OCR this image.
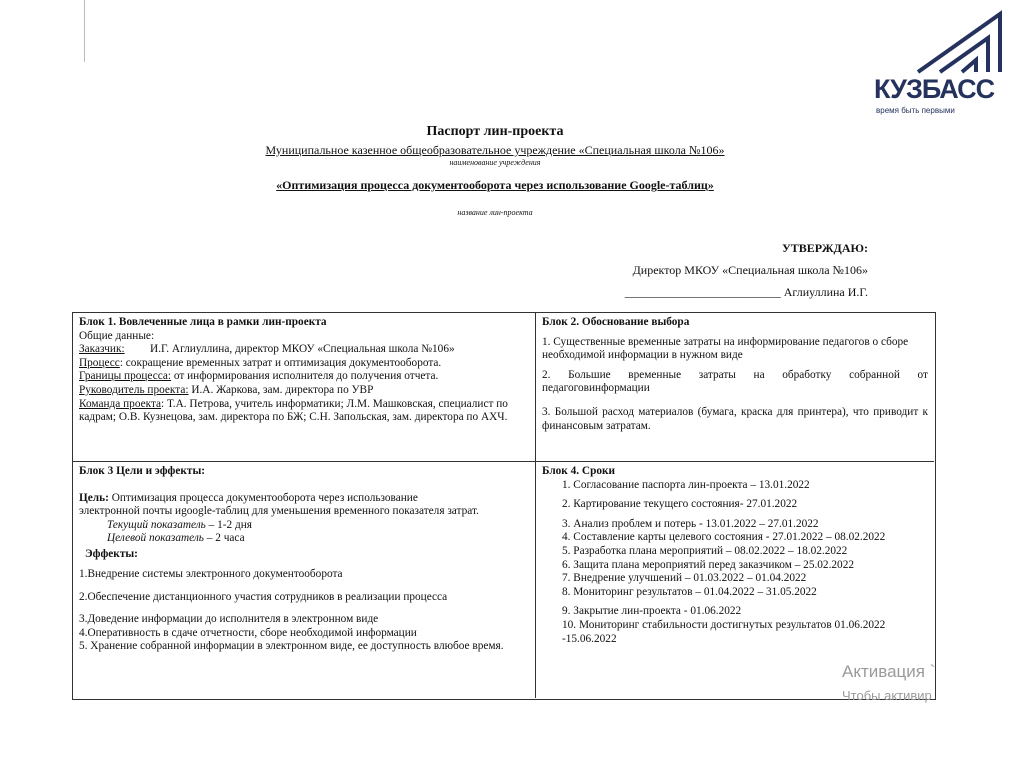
КУЗБАСС
время быть первыми
Паспорт лин-проекта
Муниципальное казенное общеобразовательное учреждение «Специальная школа №106»
наименование учреждения
«Оптимизация процесса документооборота через использование Google-таблиц»
название лин-проекта
УТВЕРЖДАЮ:
Директор МКОУ «Специальная школа №106»
__________________________ Аглиуллина И.Г.

Блок 1. Вовлеченные лица в рамки лин-проекта

Общие данные:

Заказчик: И.Г. Аглиуллина, директор МКОУ «Специальная школа №106»

Процесс: сокращение временных затрат и оптимизация документооборота.

Границы процесса: от информирования исполнителя до получения отчета.

Руководитель проекта: И.А. Жаркова, зам. директора по УВР

Команда проекта: Т.А. Петрова, учитель информатики; Л.М. Машковская, специалист по кадрам; О.В. Кузнецова, зам. директора по БЖ; С.Н. Запольская, зам. директора по АХЧ.

Блок 2. Обоснование выбора

1. Существенные временные затраты на информирование педагогов о сборе необходимой информации в нужном виде

2. Большие временные затраты на обработку собранной от педагоговинформации

3. Большой расход материалов (бумага, краска для принтера), что приводит к финансовым затратам.

Блок 3 Цели и эффекты:

Цель: Оптимизация процесса документооборота через использование электронной почты иgoogle-таблиц для уменьшения временного показателя затрат.

Текущий показатель – 1-2 дня

Целевой показатель – 2 часа

Эффекты:

1.Внедрение системы электронного документооборота

2.Обеспечение дистанционного участия сотрудников в реализации процесса

3.Доведение информации до исполнителя в электронном виде

4.Оперативность в сдаче отчетности, сборе необходимой информации

5. Хранение собранной информации в электронном виде, ее доступность влюбое время.

Блок 4. Сроки

1. Согласование паспорта лин-проекта – 13.01.2022

2. Картирование текущего состояния- 27.01.2022

3. Анализ проблем и потерь - 13.01.2022 – 27.01.2022

4. Составление карты целевого состояния - 27.01.2022 – 08.02.2022

5. Разработка плана мероприятий – 08.02.2022 – 18.02.2022

6. Защита плана мероприятий перед заказчиком – 25.02.2022

7. Внедрение улучшений – 01.03.2022 – 01.04.2022

8. Мониторинг результатов – 01.04.2022 – 31.05.2022

9. Закрытие лин-проекта - 01.06.2022

10. Мониторинг стабильности достигнутых результатов 01.06.2022 -15.06.2022

Активация `
Чтобы активир
